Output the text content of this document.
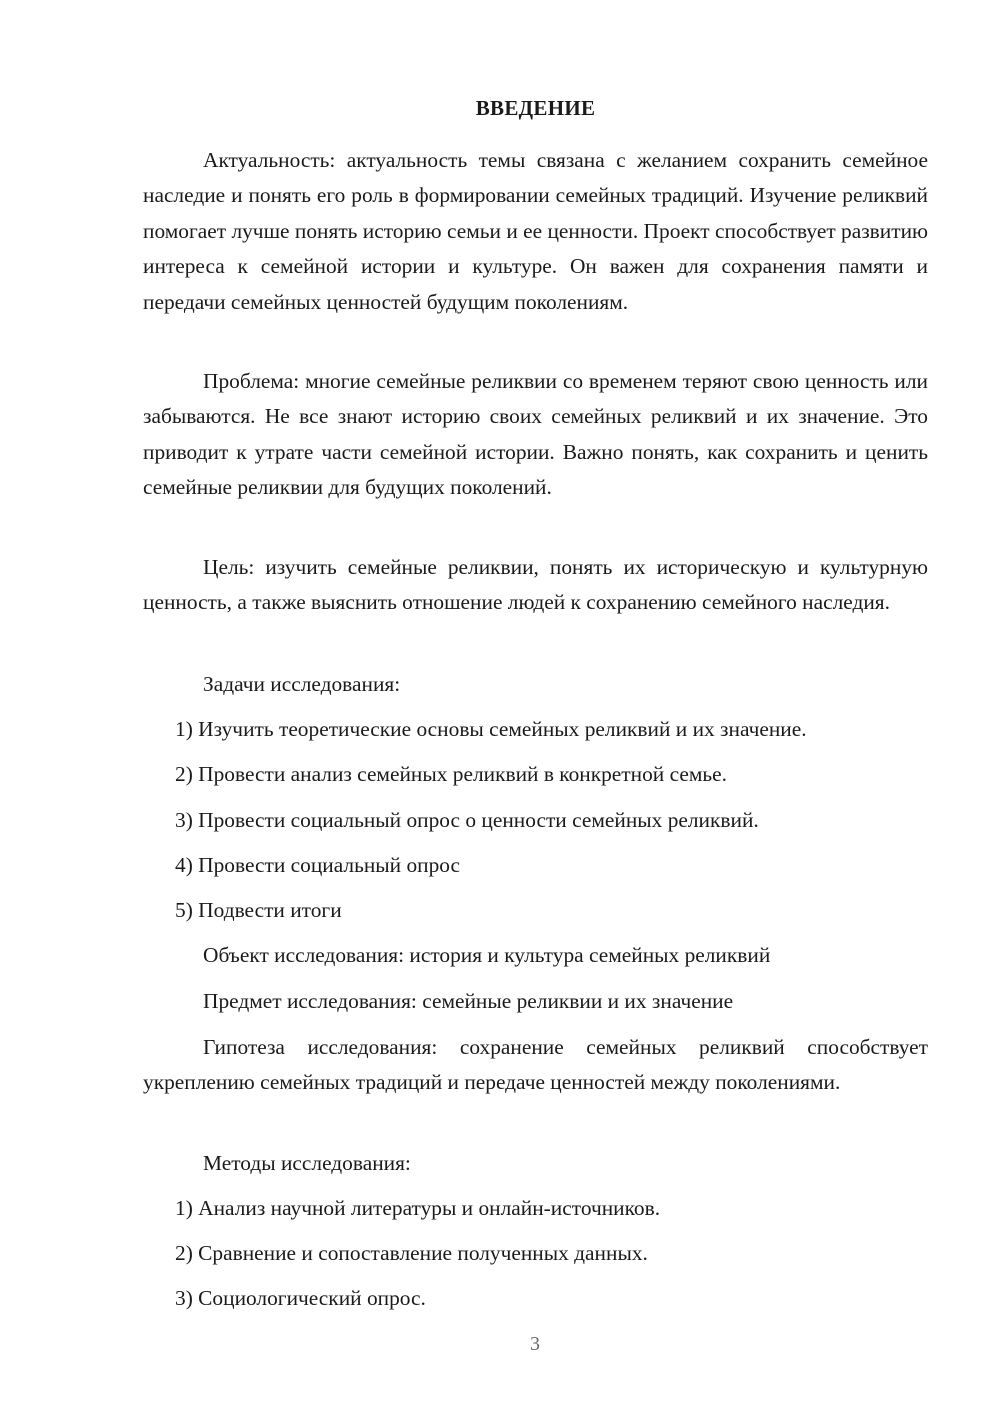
ВВЕДЕНИЕ

Актуальность: актуальность темы связана с желанием сохранить семейное наследие и понять его роль в формировании семейных традиций. Изучение реликвий помогает лучше понять историю семьи и ее ценности. Проект способствует развитию интереса к семейной истории и культуре. Он важен для сохранения памяти и передачи семейных ценностей будущим поколениям.

Проблема: многие семейные реликвии со временем теряют свою ценность или забываются. Не все знают историю своих семейных реликвий и их значение. Это приводит к утрате части семейной истории. Важно понять, как сохранить и ценить семейные реликвии для будущих поколений.

Цель: изучить семейные реликвии, понять их историческую и культурную ценность, а также выяснить отношение людей к сохранению семейного наследия.

Задачи исследования:

1) Изучить теоретические основы семейных реликвий и их значение.

2) Провести анализ семейных реликвий в конкретной семье.

3) Провести социальный опрос о ценности семейных реликвий.

4) Провести социальный опрос

5) Подвести итоги

Объект исследования: история и культура семейных реликвий

Предмет исследования: семейные реликвии и их значение

Гипотеза исследования: сохранение семейных реликвий способствует укреплению семейных традиций и передаче ценностей между поколениями.

Методы исследования:

1) Анализ научной литературы и онлайн-источников.

2) Сравнение и сопоставление полученных данных.

3) Социологический опрос.

3
